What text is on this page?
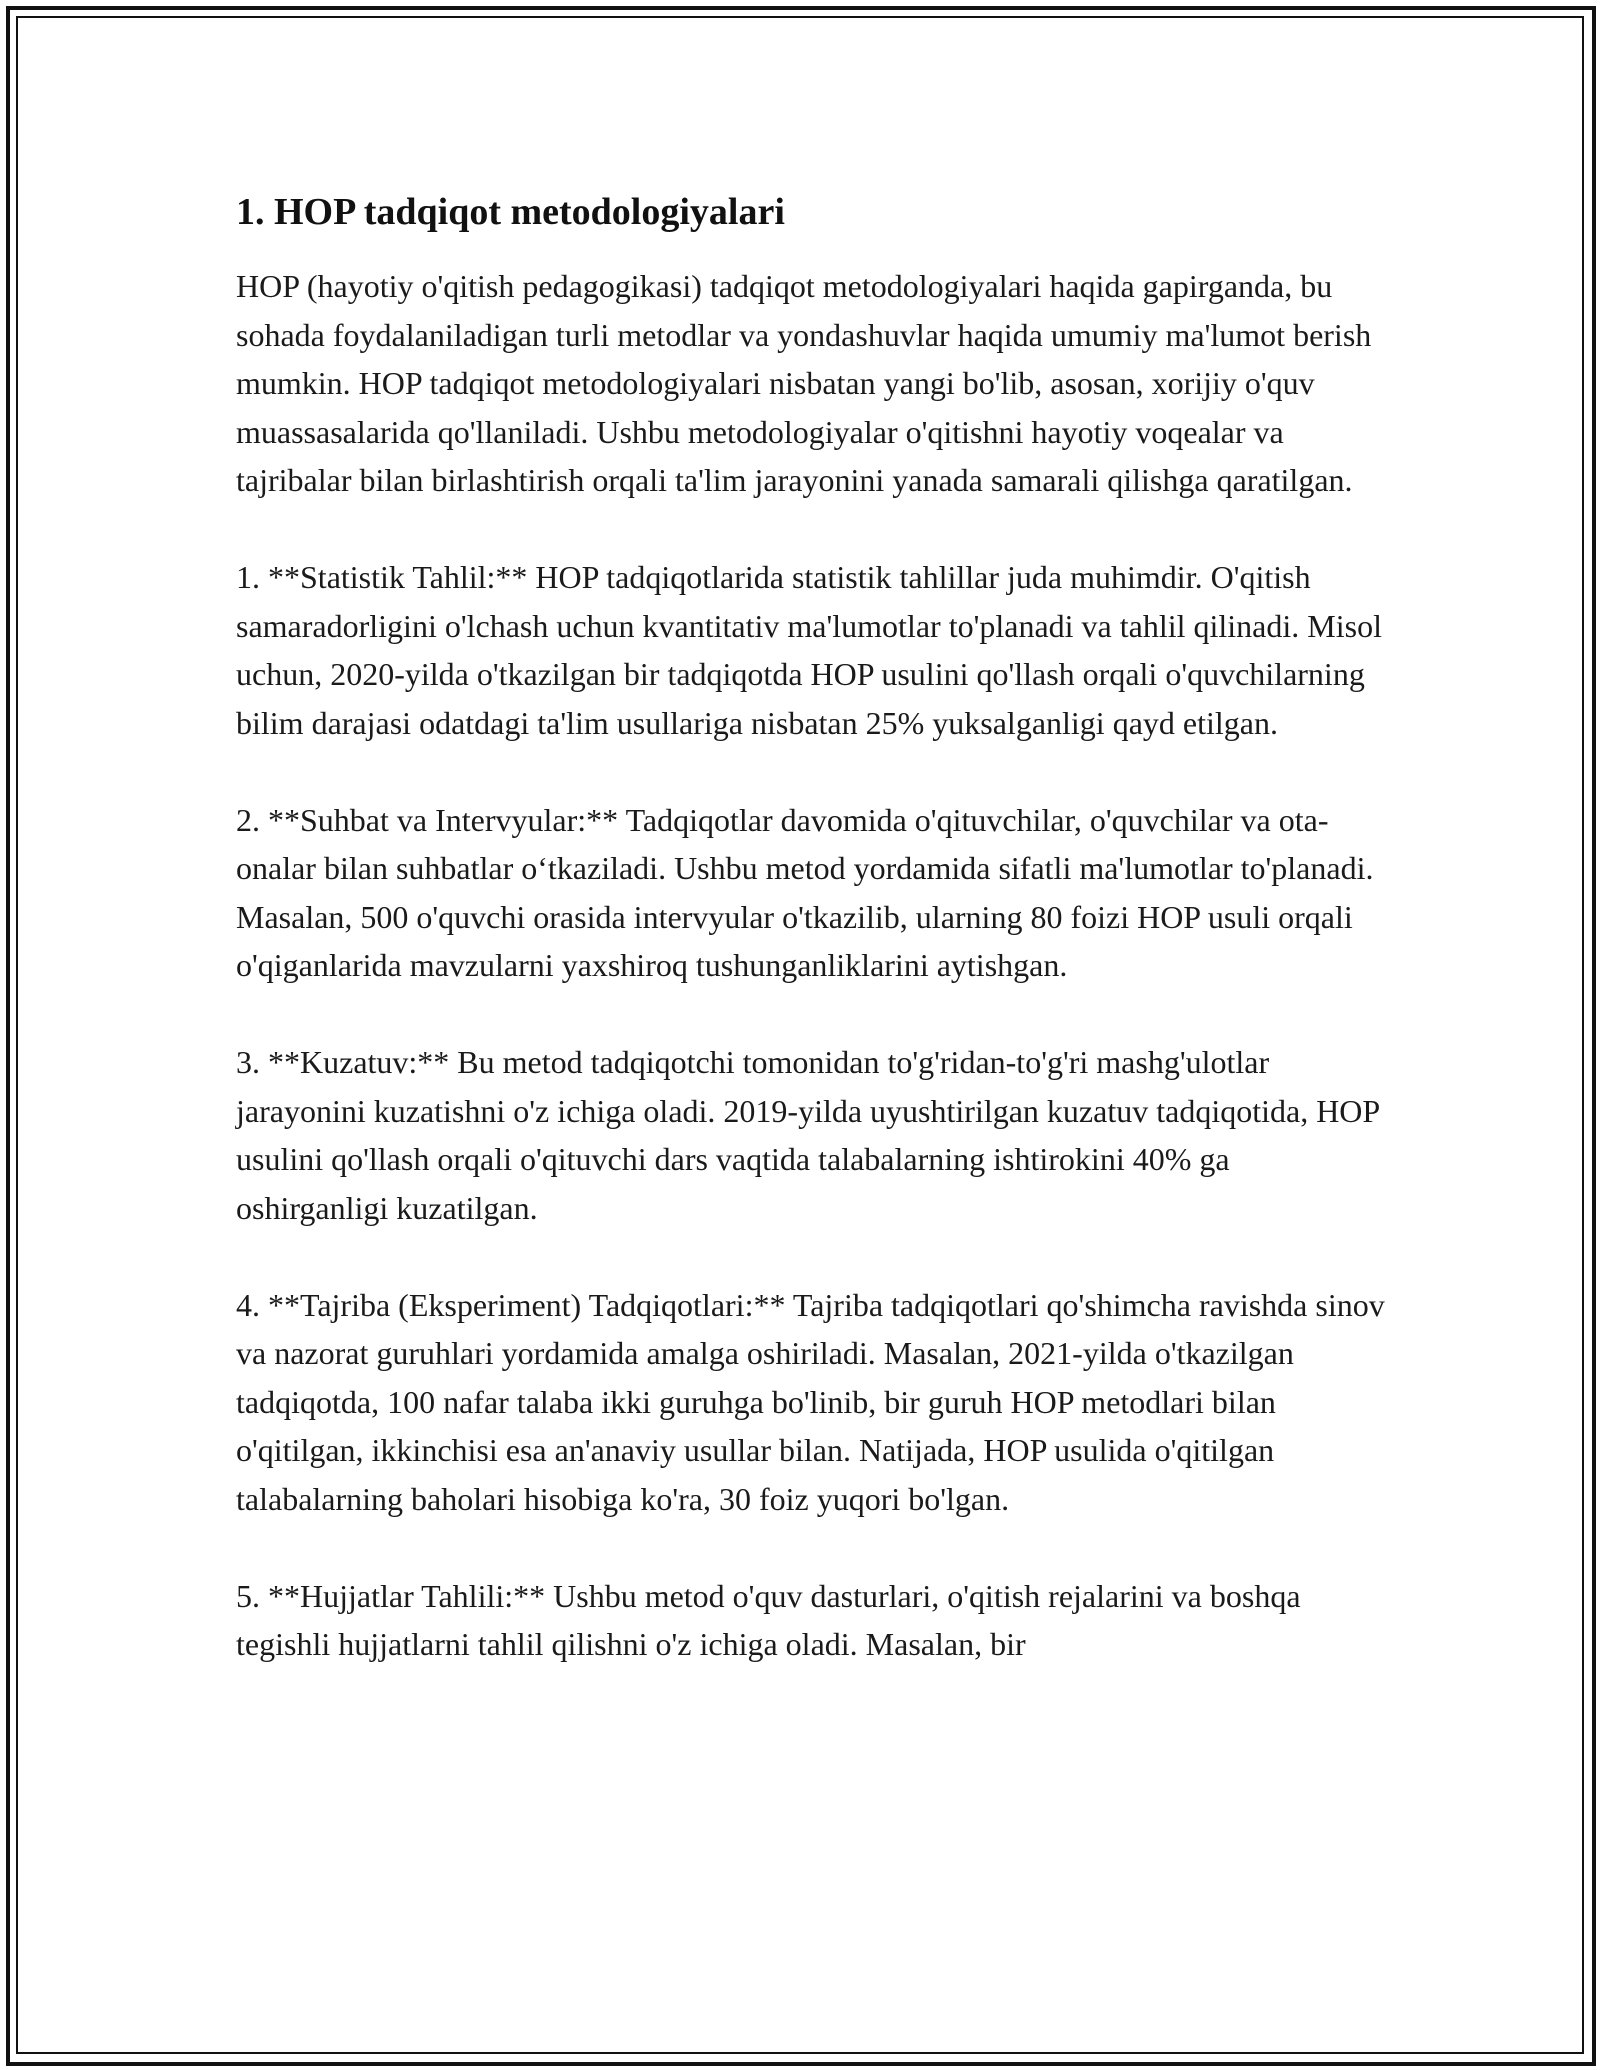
1. HOP tadqiqot metodologiyalari

HOP (hayotiy o'qitish pedagogikasi) tadqiqot metodologiyalari haqida gapirganda, bu sohada foydalaniladigan turli metodlar va yondashuvlar haqida umumiy ma'lumot berish mumkin. HOP tadqiqot metodologiyalari nisbatan yangi bo'lib, asosan, xorijiy o'quv muassasalarida qo'llaniladi. Ushbu metodologiyalar o'qitishni hayotiy voqealar va tajribalar bilan birlashtirish orqali ta'lim jarayonini yanada samarali qilishga qaratilgan.

1. **Statistik Tahlil:** HOP tadqiqotlarida statistik tahlillar juda muhimdir. O'qitish samaradorligini o'lchash uchun kvantitativ ma'lumotlar to'planadi va tahlil qilinadi. Misol uchun, 2020-yilda o'tkazilgan bir tadqiqotda HOP usulini qo'llash orqali o'quvchilarning bilim darajasi odatdagi ta'lim usullariga nisbatan 25% yuksalganligi qayd etilgan.

2. **Suhbat va Intervyular:** Tadqiqotlar davomida o'qituvchilar, o'quvchilar va ota-onalar bilan suhbatlar o‘tkaziladi. Ushbu metod yordamida sifatli ma'lumotlar to'planadi. Masalan, 500 o'quvchi orasida intervyular o'tkazilib, ularning 80 foizi HOP usuli orqali o'qiganlarida mavzularni yaxshiroq tushunganliklarini aytishgan.

3. **Kuzatuv:** Bu metod tadqiqotchi tomonidan to'g'ridan-to'g'ri mashg'ulotlar jarayonini kuzatishni o'z ichiga oladi. 2019-yilda uyushtirilgan kuzatuv tadqiqotida, HOP usulini qo'llash orqali o'qituvchi dars vaqtida talabalarning ishtirokini 40% ga oshirganligi kuzatilgan.

4. **Tajriba (Eksperiment) Tadqiqotlari:** Tajriba tadqiqotlari qo'shimcha ravishda sinov va nazorat guruhlari yordamida amalga oshiriladi. Masalan, 2021-yilda o'tkazilgan tadqiqotda, 100 nafar talaba ikki guruhga bo'linib, bir guruh HOP metodlari bilan o'qitilgan, ikkinchisi esa an'anaviy usullar bilan. Natijada, HOP usulida o'qitilgan talabalarning baholari hisobiga ko'ra, 30 foiz yuqori bo'lgan.

5. **Hujjatlar Tahlili:** Ushbu metod o'quv dasturlari, o'qitish rejalarini va boshqa tegishli hujjatlarni tahlil qilishni o'z ichiga oladi. Masalan, bir
